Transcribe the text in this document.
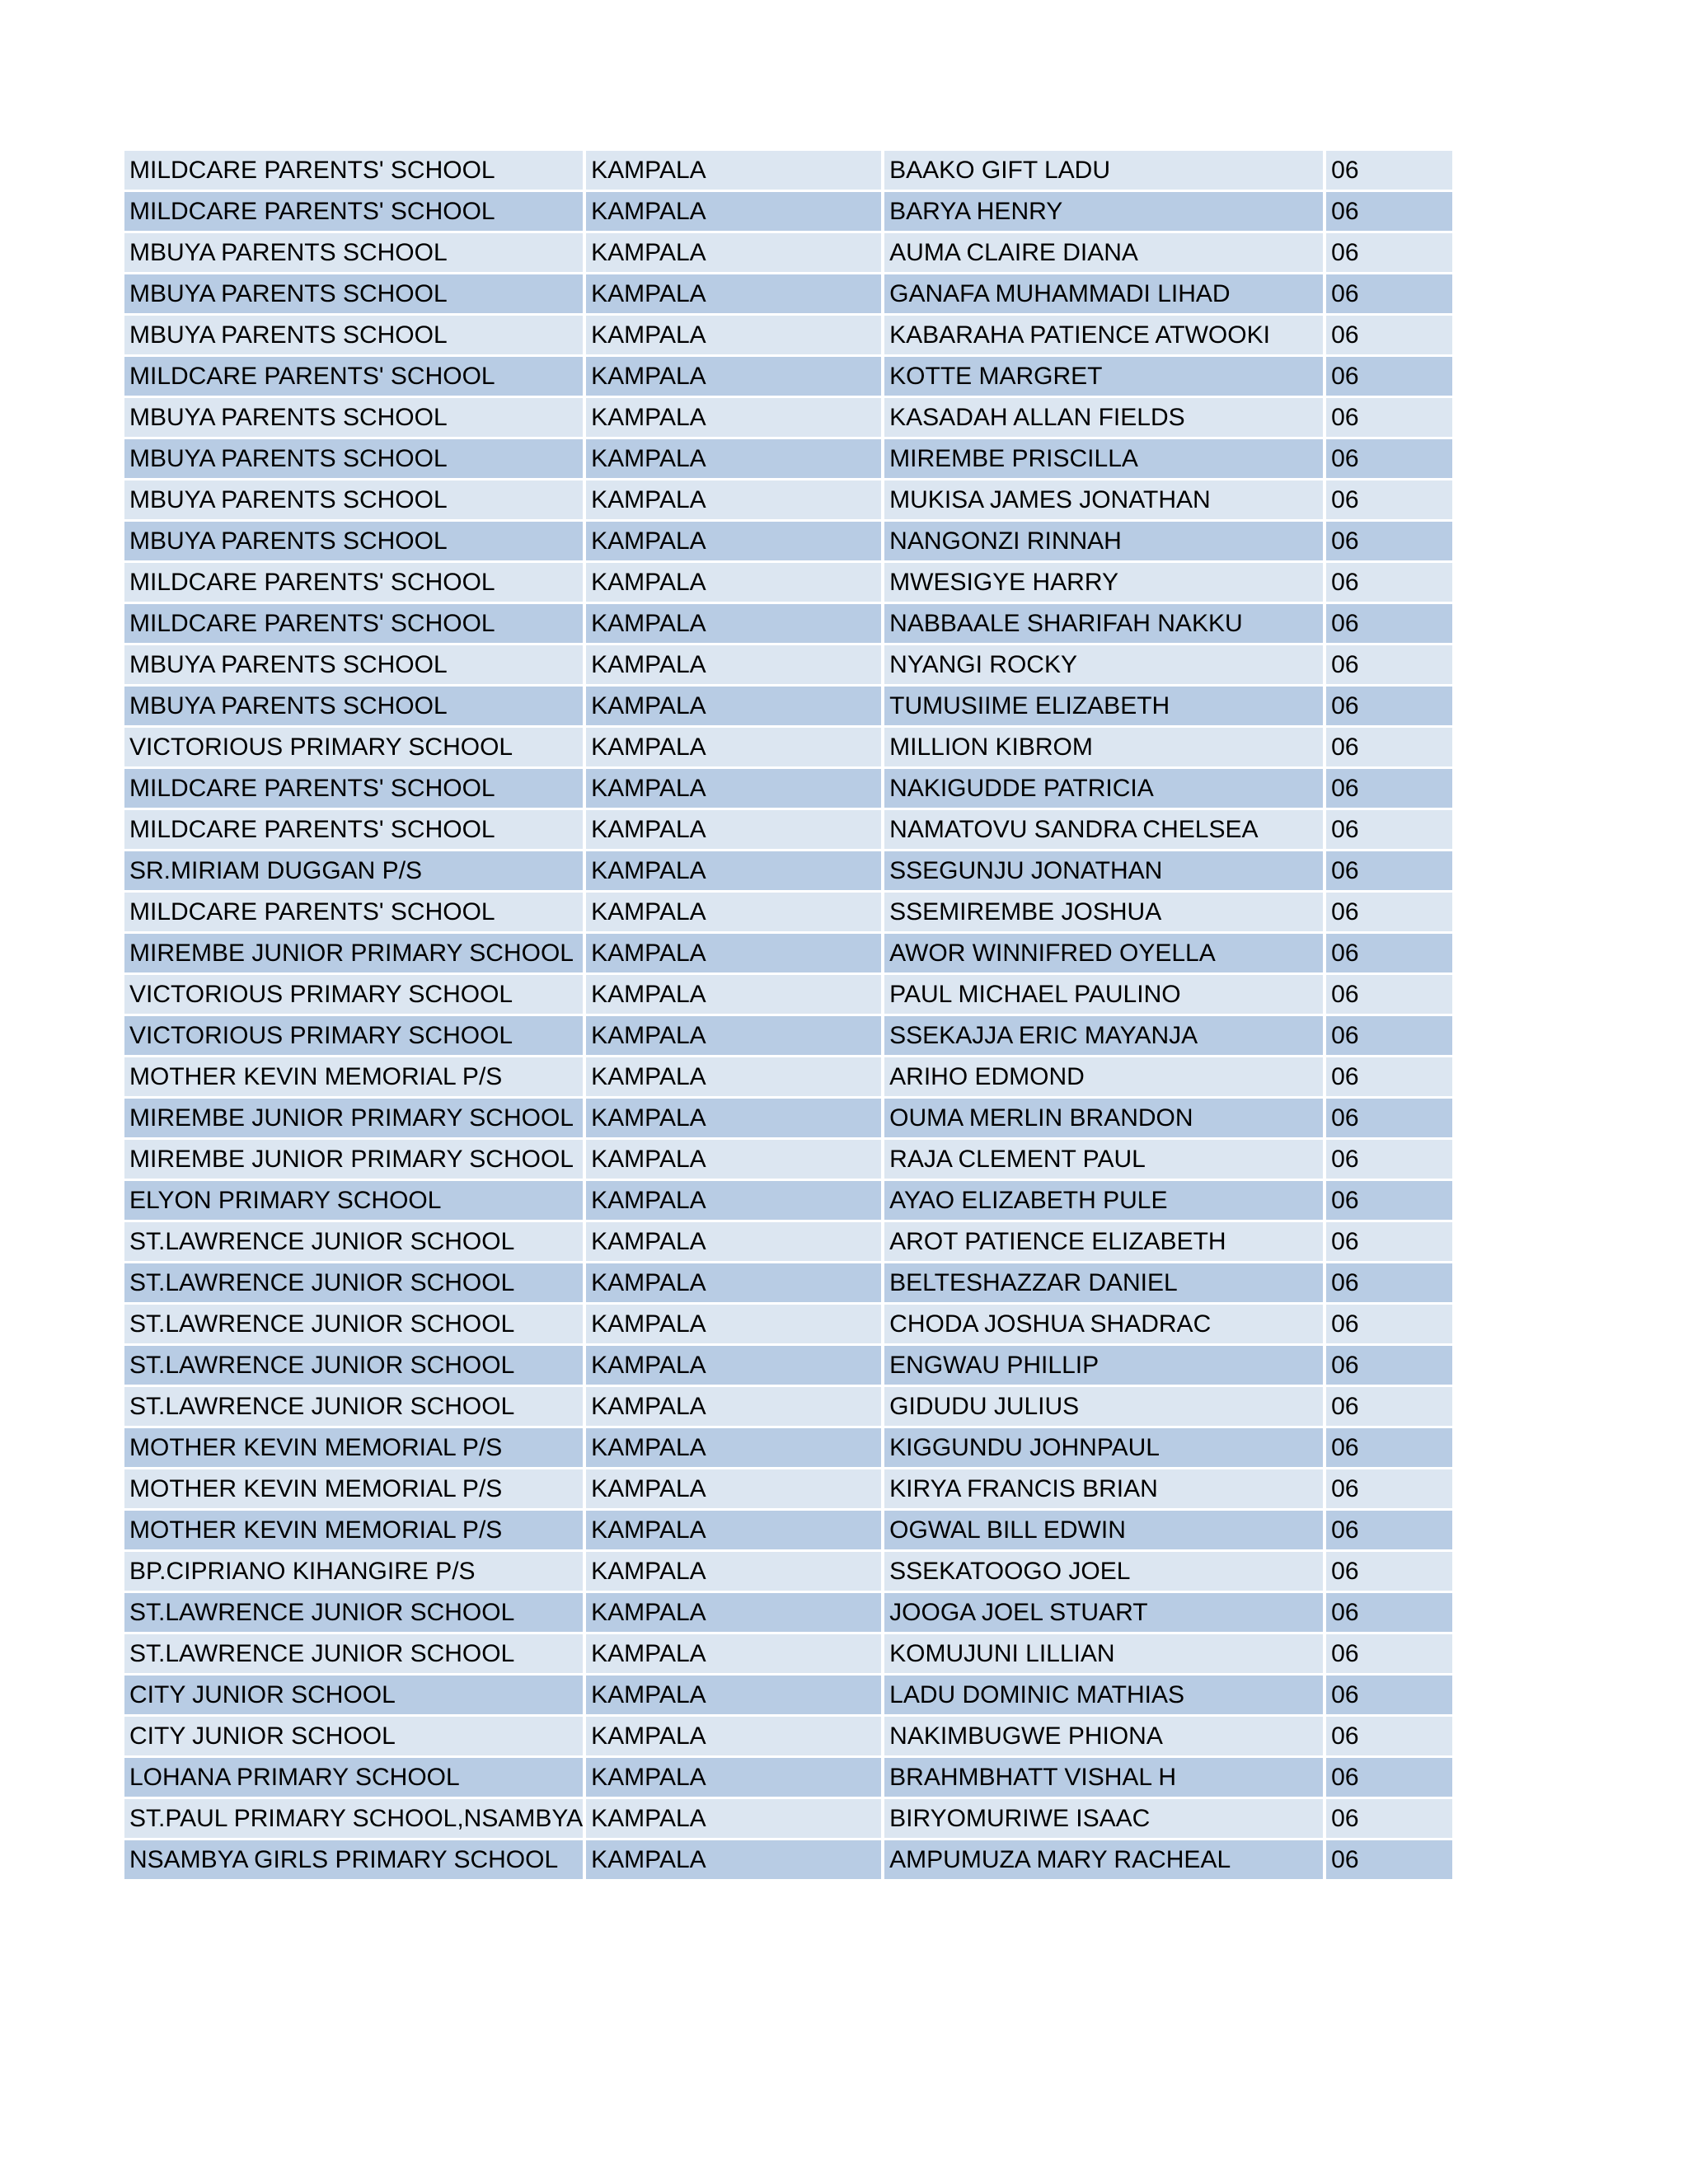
MILDCARE PARENTS' SCHOOL	KAMPALA	BAAKO GIFT LADU	06
MILDCARE PARENTS' SCHOOL	KAMPALA	BARYA HENRY	06
MBUYA PARENTS SCHOOL	KAMPALA	AUMA CLAIRE DIANA	06
MBUYA PARENTS SCHOOL	KAMPALA	GANAFA MUHAMMADI LIHAD	06
MBUYA PARENTS SCHOOL	KAMPALA	KABARAHA PATIENCE ATWOOKI	06
MILDCARE PARENTS' SCHOOL	KAMPALA	KOTTE MARGRET	06
MBUYA PARENTS SCHOOL	KAMPALA	KASADAH ALLAN FIELDS	06
MBUYA PARENTS SCHOOL	KAMPALA	MIREMBE PRISCILLA	06
MBUYA PARENTS SCHOOL	KAMPALA	MUKISA JAMES JONATHAN	06
MBUYA PARENTS SCHOOL	KAMPALA	NANGONZI RINNAH	06
MILDCARE PARENTS' SCHOOL	KAMPALA	MWESIGYE HARRY	06
MILDCARE PARENTS' SCHOOL	KAMPALA	NABBAALE SHARIFAH NAKKU	06
MBUYA PARENTS SCHOOL	KAMPALA	NYANGI ROCKY	06
MBUYA PARENTS SCHOOL	KAMPALA	TUMUSIIME ELIZABETH	06
VICTORIOUS PRIMARY SCHOOL	KAMPALA	MILLION KIBROM	06
MILDCARE PARENTS' SCHOOL	KAMPALA	NAKIGUDDE PATRICIA	06
MILDCARE PARENTS' SCHOOL	KAMPALA	NAMATOVU SANDRA CHELSEA	06
SR.MIRIAM DUGGAN P/S	KAMPALA	SSEGUNJU JONATHAN	06
MILDCARE PARENTS' SCHOOL	KAMPALA	SSEMIREMBE JOSHUA	06
MIREMBE JUNIOR PRIMARY SCHOOL	KAMPALA	AWOR WINNIFRED OYELLA	06
VICTORIOUS PRIMARY SCHOOL	KAMPALA	PAUL MICHAEL PAULINO	06
VICTORIOUS PRIMARY SCHOOL	KAMPALA	SSEKAJJA ERIC MAYANJA	06
MOTHER KEVIN MEMORIAL P/S	KAMPALA	ARIHO EDMOND	06
MIREMBE JUNIOR PRIMARY SCHOOL	KAMPALA	OUMA MERLIN BRANDON	06
MIREMBE JUNIOR PRIMARY SCHOOL	KAMPALA	RAJA CLEMENT PAUL	06
ELYON PRIMARY SCHOOL	KAMPALA	AYAO ELIZABETH PULE	06
ST.LAWRENCE JUNIOR SCHOOL	KAMPALA	AROT PATIENCE ELIZABETH	06
ST.LAWRENCE JUNIOR SCHOOL	KAMPALA	BELTESHAZZAR DANIEL	06
ST.LAWRENCE JUNIOR SCHOOL	KAMPALA	CHODA JOSHUA SHADRAC	06
ST.LAWRENCE JUNIOR SCHOOL	KAMPALA	ENGWAU PHILLIP	06
ST.LAWRENCE JUNIOR SCHOOL	KAMPALA	GIDUDU JULIUS	06
MOTHER KEVIN MEMORIAL P/S	KAMPALA	KIGGUNDU JOHNPAUL	06
MOTHER KEVIN MEMORIAL P/S	KAMPALA	KIRYA FRANCIS BRIAN	06
MOTHER KEVIN MEMORIAL P/S	KAMPALA	OGWAL BILL EDWIN	06
BP.CIPRIANO KIHANGIRE P/S	KAMPALA	SSEKATOOGO JOEL	06
ST.LAWRENCE JUNIOR SCHOOL	KAMPALA	JOOGA JOEL STUART	06
ST.LAWRENCE JUNIOR SCHOOL	KAMPALA	KOMUJUNI LILLIAN	06
CITY JUNIOR SCHOOL	KAMPALA	LADU DOMINIC MATHIAS	06
CITY JUNIOR SCHOOL	KAMPALA	NAKIMBUGWE PHIONA	06
LOHANA PRIMARY SCHOOL	KAMPALA	BRAHMBHATT VISHAL H	06
ST.PAUL PRIMARY SCHOOL,NSAMBYA	KAMPALA	BIRYOMURIWE ISAAC	06
NSAMBYA GIRLS PRIMARY SCHOOL	KAMPALA	AMPUMUZA MARY RACHEAL	06
